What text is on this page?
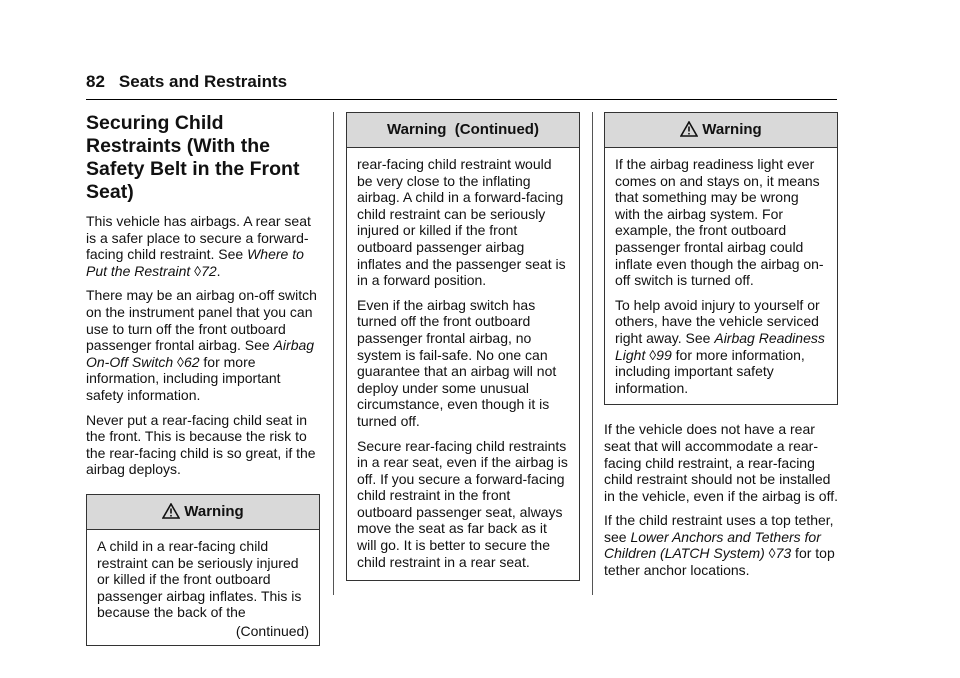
82 Seats and Restraints
Securing Child Restraints (With the Safety Belt in the Front Seat)

This vehicle has airbags. A rear seat is a safer place to secure a forward-facing child restraint. See Where to Put the Restraint ◊72.

There may be an airbag on-off switch on the instrument panel that you can use to turn off the front outboard passenger frontal airbag. See Airbag On-Off Switch ◊62 for more information, including important safety information.

Never put a rear-facing child seat in the front. This is because the risk to the rear-facing child is so great, if the airbag deploys.

Warning

A child in a rear-facing child restraint can be seriously injured or killed if the front outboard passenger airbag inflates. This is because the back of the

(Continued)
Warning  (Continued)

rear-facing child restraint would be very close to the inflating airbag. A child in a forward-facing child restraint can be seriously injured or killed if the front outboard passenger airbag inflates and the passenger seat is in a forward position.

Even if the airbag switch has turned off the front outboard passenger frontal airbag, no system is fail-safe. No one can guarantee that an airbag will not deploy under some unusual circumstance, even though it is turned off.

Secure rear-facing child restraints in a rear seat, even if the airbag is off. If you secure a forward-facing child restraint in the front outboard passenger seat, always move the seat as far back as it will go. It is better to secure the child restraint in a rear seat.

Warning

If the airbag readiness light ever comes on and stays on, it means that something may be wrong with the airbag system. For example, the front outboard passenger frontal airbag could inflate even though the airbag on-off switch is turned off.

To help avoid injury to yourself or others, have the vehicle serviced right away. See Airbag Readiness Light ◊99 for more information, including important safety information.

If the vehicle does not have a rear seat that will accommodate a rear-facing child restraint, a rear-facing child restraint should not be installed in the vehicle, even if the airbag is off.

If the child restraint uses a top tether, see Lower Anchors and Tethers for Children (LATCH System) ◊73 for top tether anchor locations.
